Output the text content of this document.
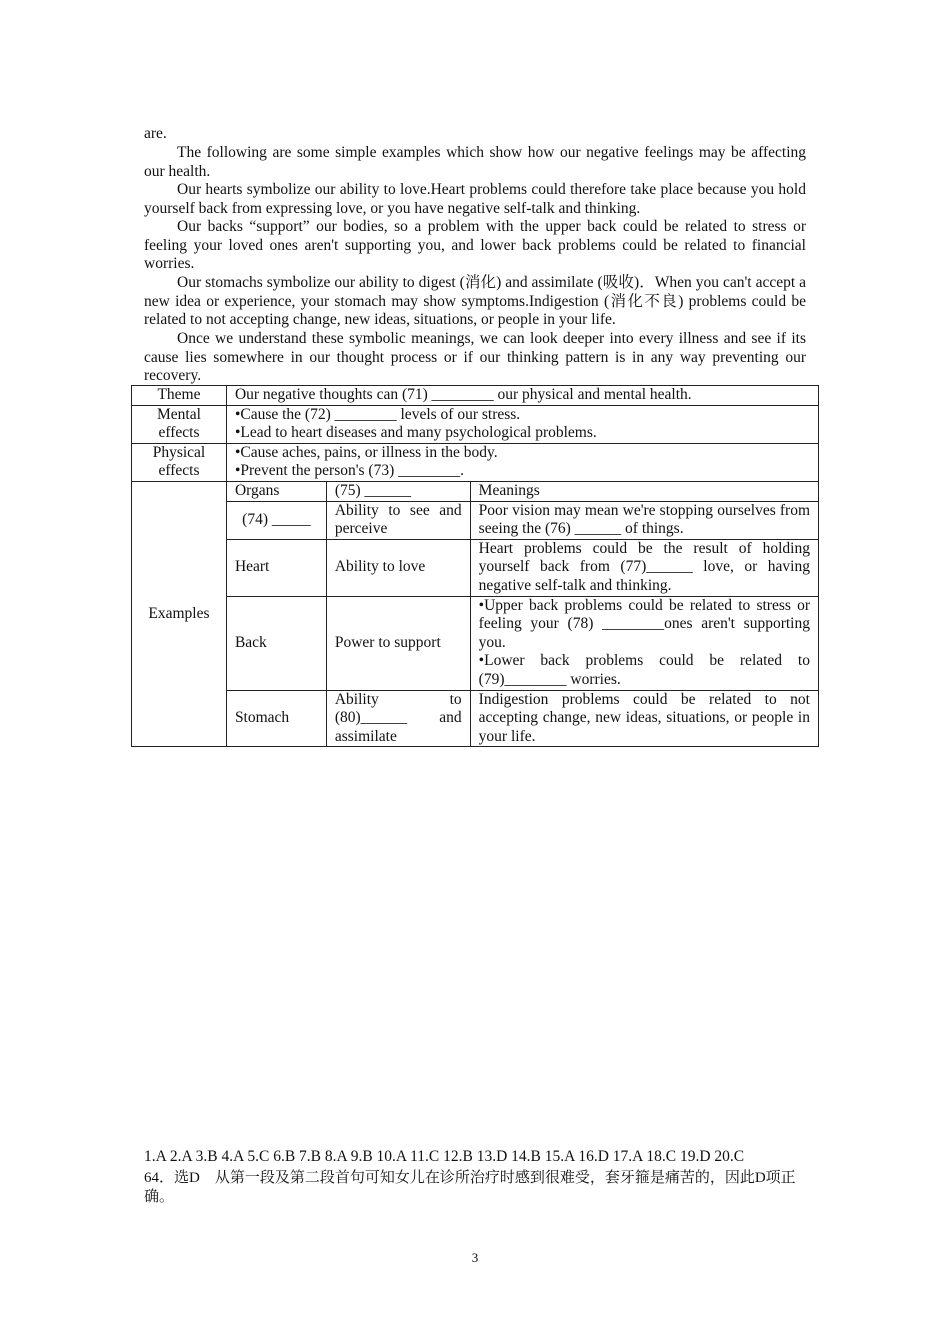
are.

The following are some simple examples which show how our negative feelings may be affecting our health.

Our hearts symbolize our ability to love.Heart problems could therefore take place because you hold yourself back from expressing love, or you have negative self‑talk and thinking.

Our backs “support” our bodies, so a problem with the upper back could be related to stress or feeling your loved ones aren't supporting you, and lower back problems could be related to financial worries.

Our stomachs symbolize our ability to digest (消化) and assimilate (吸收)．When you can't accept a new idea or experience, your stomach may show symptoms.Indigestion (消化不良) problems could be related to not accepting change, new ideas, situations, or people in your life.

Once we understand these symbolic meanings, we can look deeper into every illness and see if its cause lies somewhere in our thought process or if our thinking pattern is in any way preventing our recovery.

Theme	Our negative thoughts can (71) ________ our physical and mental health.		
Mental effects	•Cause the (72) ________ levels of our stress.
•Lead to heart diseases and many psychological problems.		

Physical effects	•Cause aches, pains, or illness in the body.
•Prevent the person's (73) ________.		

Examples	Organs	(75) ______	Meanings
	(74) _____	Ability to see and perceive	Poor vision may mean we're stopping ourselves from seeing the (76) ______ of things.
	Heart	Ability to love	Heart problems could be the result of holding yourself back from (77)______ love, or having negative self‑talk and thinking.
	Back	Power to support	•Upper back problems could be related to stress or feeling your (78) ________ones aren't supporting you.
•Lower back problems could be related to (79)________ worries.

	Stomach	Ability to (80)______ and assimilate	Indigestion problems could be related to not accepting change, new ideas, situations, or people in your life.
1.A 2.A 3.B 4.A 5.C 6.B 7.B 8.A 9.B 10.A 11.C 12.B 13.D 14.B 15.A 16.D 17.A 18.C 19.D 20.C
64．选D　从第一段及第二段首句可知女儿在诊所治疗时感到很难受，套牙箍是痛苦的，因此D项正确。
3
